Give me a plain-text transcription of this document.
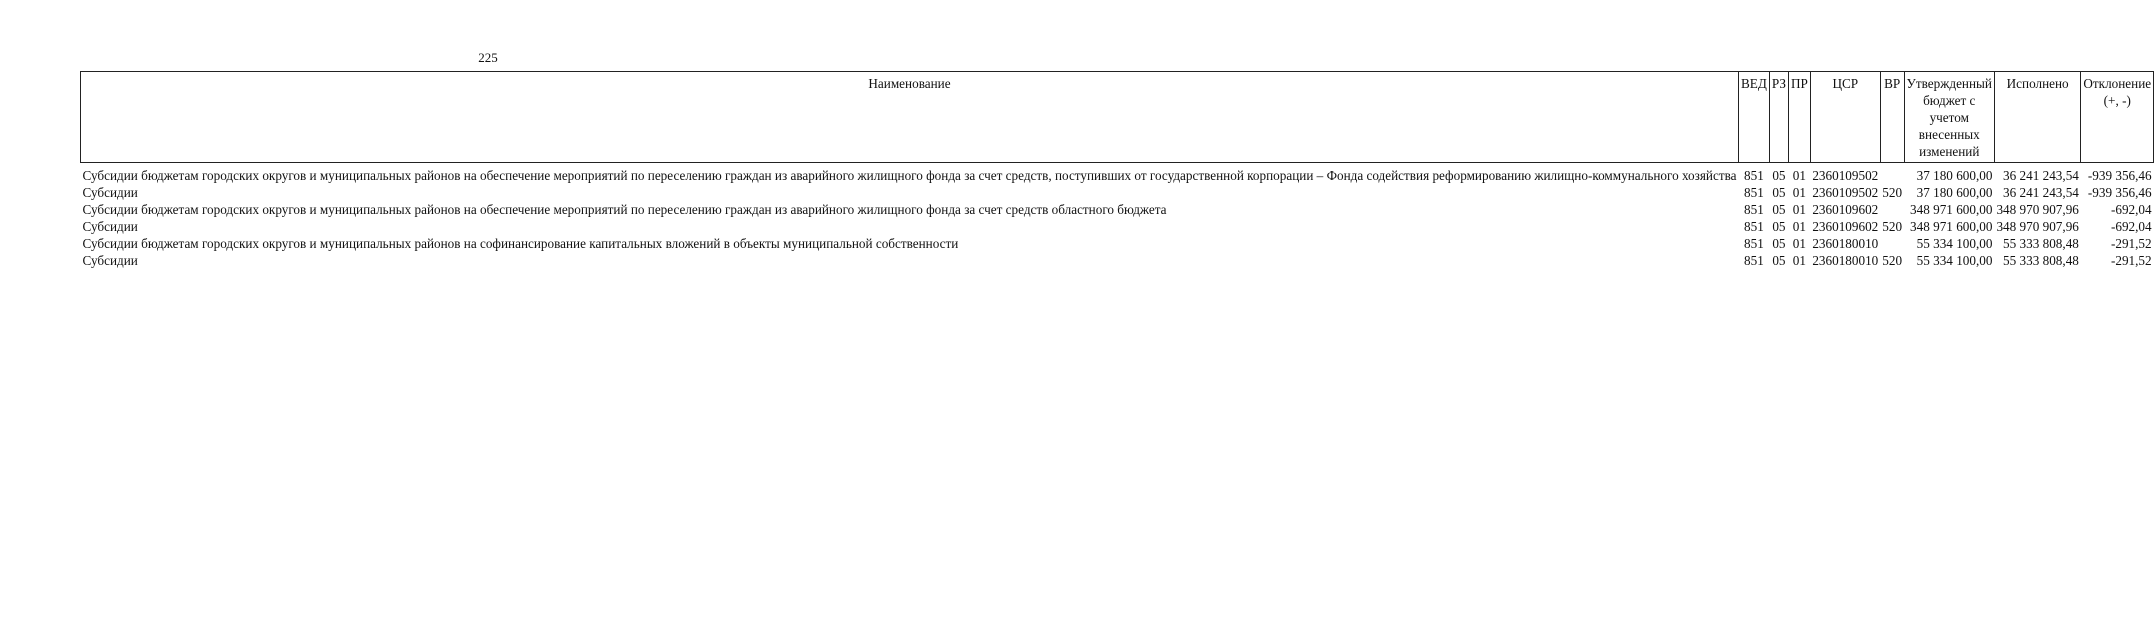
225
Наименование	ВЕД	РЗ	ПР	ЦСР	ВР	Утвержденный бюджет с учетом внесенных изменений	Исполнено	Отклонение (+, -)
Субсидии бюджетам городских округов и муниципальных районов на обеспечение мероприятий по переселению граждан из аварийного жилищного фонда за счет средств, поступивших от государственной корпорации – Фонда содействия реформированию жилищно-коммунального хозяйства	851	05	01	2360109502		37 180 600,00	36 241 243,54	-939 356,46
Субсидии	851	05	01	2360109502	520	37 180 600,00	36 241 243,54	-939 356,46
Субсидии бюджетам городских округов и муниципальных районов на обеспечение мероприятий по переселению граждан из аварийного жилищного фонда за счет средств областного бюджета	851	05	01	2360109602		348 971 600,00	348 970 907,96	-692,04
Субсидии	851	05	01	2360109602	520	348 971 600,00	348 970 907,96	-692,04
Субсидии бюджетам городских округов и муниципальных районов на софинансирование капитальных вложений в объекты муниципальной собственности	851	05	01	2360180010		55 334 100,00	55 333 808,48	-291,52
Субсидии	851	05	01	2360180010	520	55 334 100,00	55 333 808,48	-291,52
